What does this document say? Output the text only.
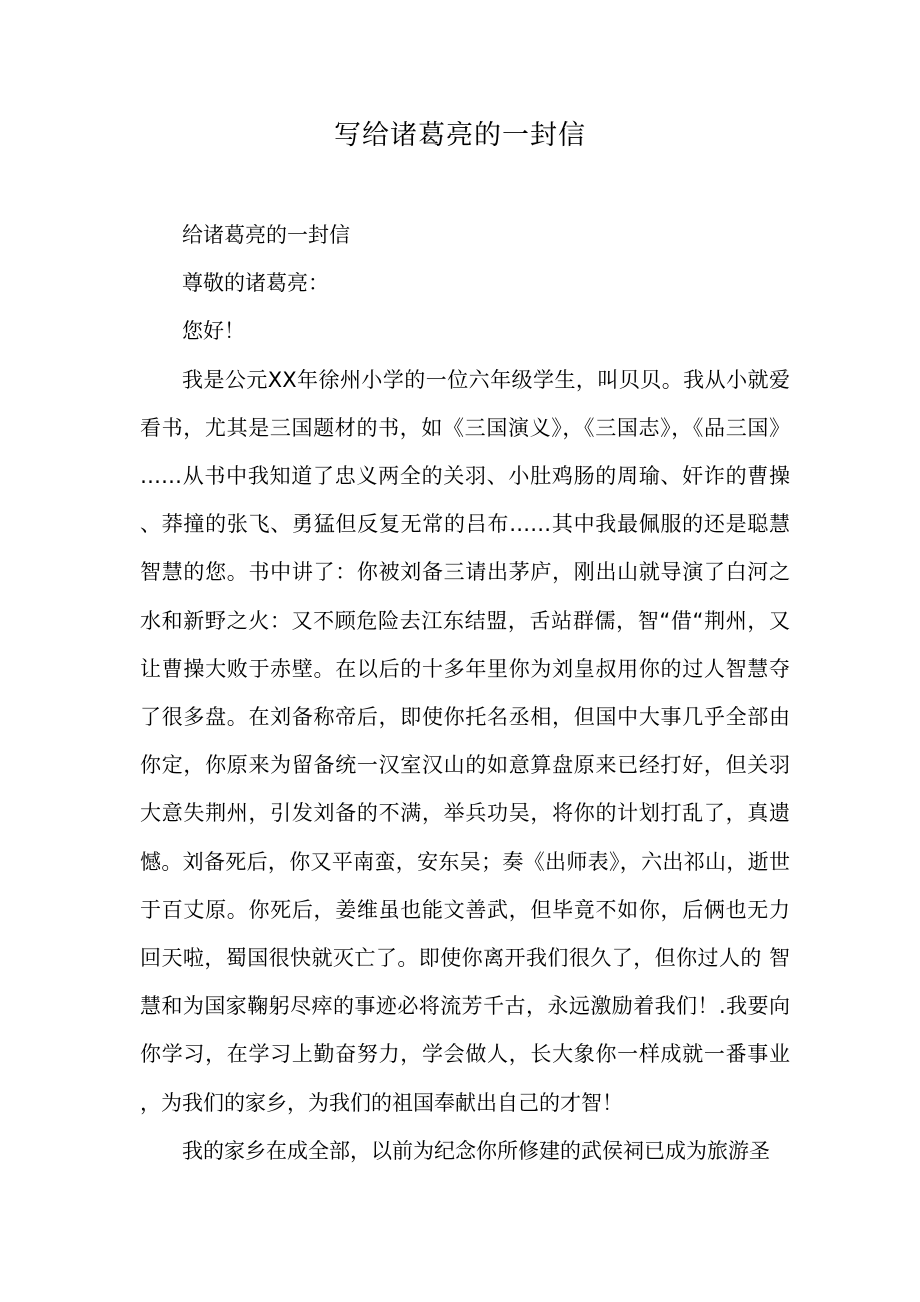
写给诸葛亮的一封信

给诸葛亮的一封信

尊敬的诸葛亮：

您好！

我是公元XX年徐州小学的一位六年级学生，叫贝贝。我从小就爱看书，尤其是三国题材的书，如《三国演义》，《三国志》，《品三国》……从书中我知道了忠义两全的关羽、小肚鸡肠的周瑜、奸诈的曹操、莽撞的张飞、勇猛但反复无常的吕布……其中我最佩服的还是聪慧智慧的您。书中讲了：你被刘备三请出茅庐，刚出山就导演了白河之水和新野之火：又不顾危险去江东结盟，舌站群儒，智“借“荆州，又让曹操大败于赤壁。在以后的十多年里你为刘皇叔用你的过人智慧夺了很多盘。在刘备称帝后，即使你托名丞相，但国中大事几乎全部由你定，你原来为留备统一汉室汉山的如意算盘原来已经打好，但关羽大意失荆州，引发刘备的不满，举兵功吴，将你的计划打乱了，真遗憾。刘备死后，你又平南蛮，安东吴；奏《出师表》，六出祁山，逝世于百丈原。你死后，姜维虽也能文善武，但毕竟不如你，后俩也无力回天啦，蜀国很快就灭亡了。即使你离开我们很久了，但你过人的 智慧和为国家鞠躬尽瘁的事迹必将流芳千古，永远激励着我们！.我要向你学习，在学习上勤奋努力，学会做人，长大象你一样成就一番事业，为我们的家乡，为我们的祖国奉献出自己的才智！

我的家乡在成全部，以前为纪念你所修建的武侯祠已成为旅游圣
